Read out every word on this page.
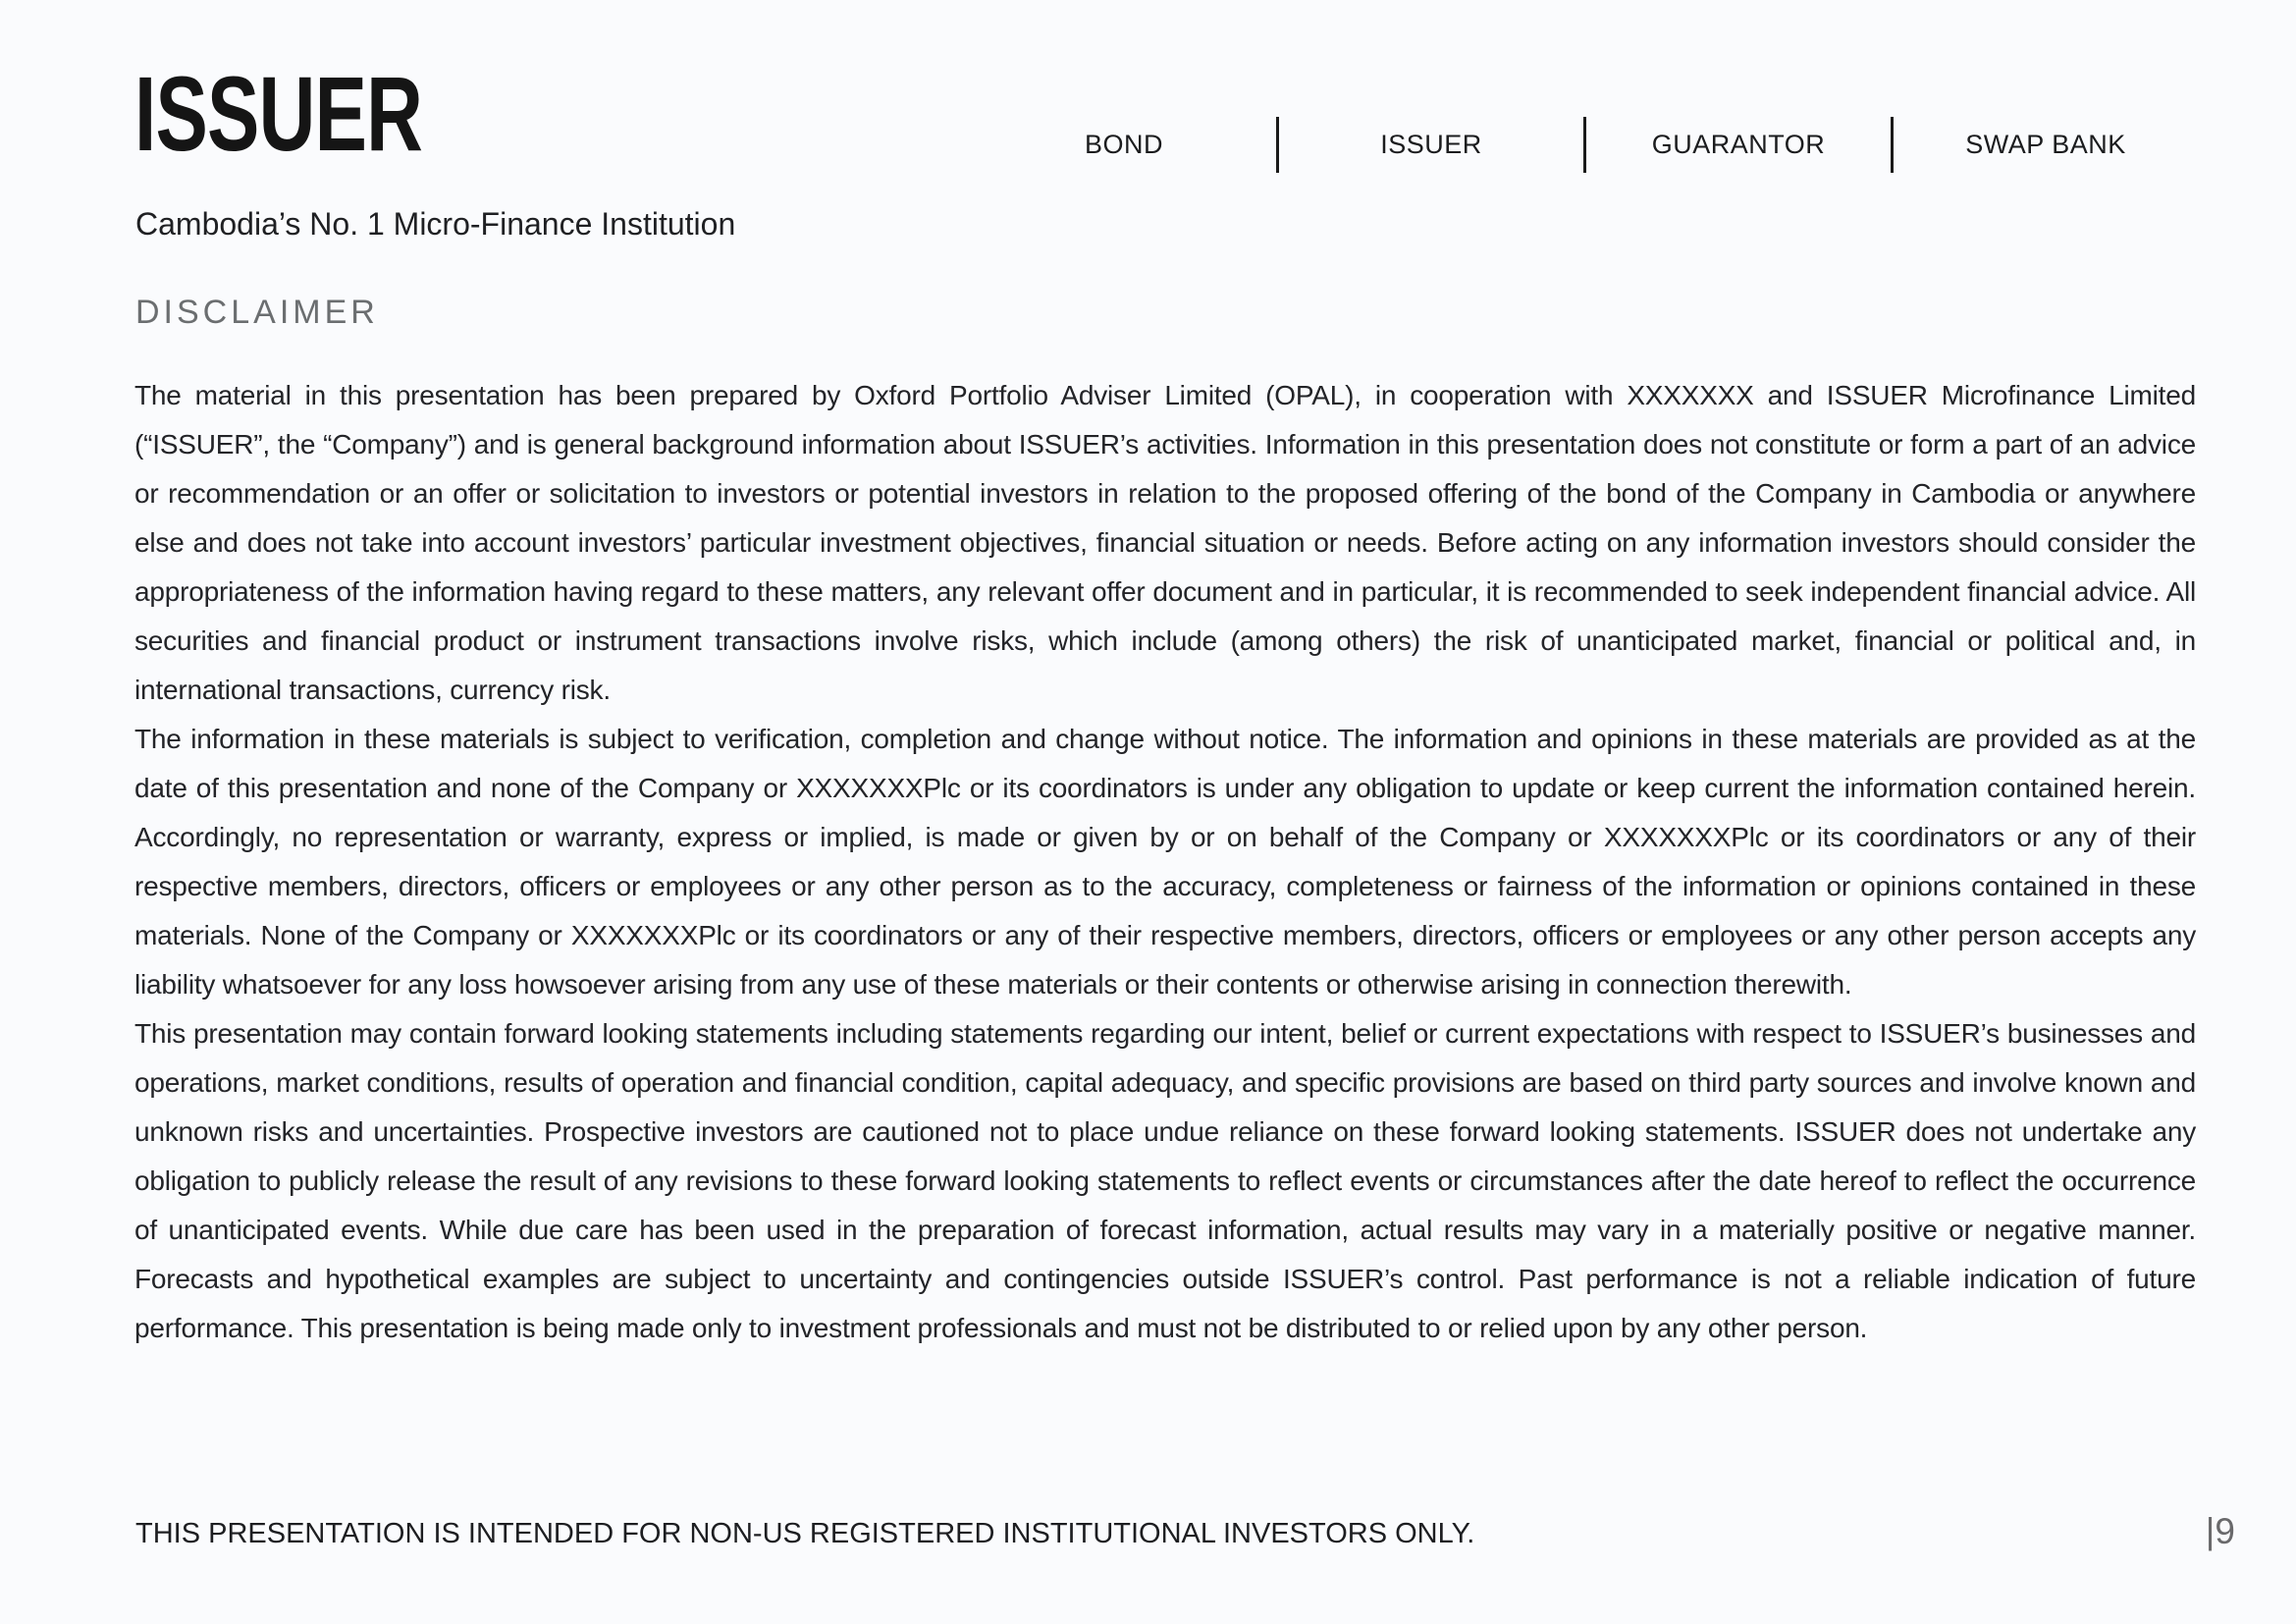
ISSUER

Cambodia’s No. 1 Micro-Finance Institution

BOND	ISSUER	GUARANTOR	SWAP BANK
DISCLAIMER

The material in this presentation has been prepared by Oxford Portfolio Adviser Limited (OPAL), in cooperation with XXXXXXX and ISSUER Microfinance Limited (“ISSUER”, the “Company”) and is general background information about ISSUER’s activities. Information in this presentation does not constitute or form a part of an advice or recommendation or an offer or solicitation to investors or potential investors in relation to the proposed offering of the bond of the Company in Cambodia or anywhere else and does not take into account investors’ particular investment objectives, financial situation or needs. Before acting on any information investors should consider the appropriateness of the information having regard to these matters, any relevant offer document and in particular, it is recommended to seek independent financial advice. All securities and financial product or instrument transactions involve risks, which include (among others) the risk of unanticipated market, financial or political and, in international transactions, currency risk.

The information in these materials is subject to verification, completion and change without notice. The information and opinions in these materials are provided as at the date of this presentation and none of the Company or XXXXXXXPlc or its coordinators is under any obligation to update or keep current the information contained herein. Accordingly, no representation or warranty, express or implied, is made or given by or on behalf of the Company or XXXXXXXPlc or its coordinators or any of their respective members, directors, officers or employees or any other person as to the accuracy, completeness or fairness of the information or opinions contained in these materials. None of the Company or XXXXXXXPlc or its coordinators or any of their respective members, directors, officers or employees or any other person accepts any liability whatsoever for any loss howsoever arising from any use of these materials or their contents or otherwise arising in connection therewith.

This presentation may contain forward looking statements including statements regarding our intent, belief or current expectations with respect to ISSUER’s businesses and operations, market conditions, results of operation and financial condition, capital adequacy, and specific provisions are based on third party sources and involve known and unknown risks and uncertainties. Prospective investors are cautioned not to place undue reliance on these forward looking statements. ISSUER does not undertake any obligation to publicly release the result of any revisions to these forward looking statements to reflect events or circumstances after the date hereof to reflect the occurrence of unanticipated events. While due care has been used in the preparation of forecast information, actual results may vary in a materially positive or negative manner. Forecasts and hypothetical examples are subject to uncertainty and contingencies outside ISSUER’s control. Past performance is not a reliable indication of future performance. This presentation is being made only to investment professionals and must not be distributed to or relied upon by any other person.

THIS PRESENTATION IS INTENDED FOR NON-US REGISTERED INSTITUTIONAL INVESTORS ONLY.	|9
